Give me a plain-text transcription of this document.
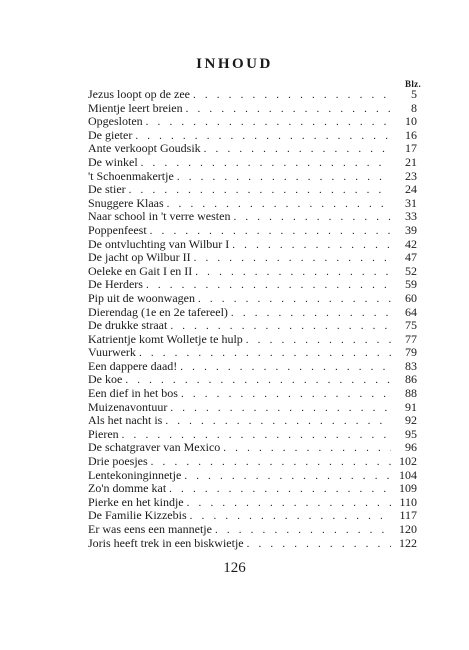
INHOUD
Blz.
Jezus loopt op de zee . . .	5
Mientje leert breien . . .	8
Opgesloten . . .	10
De gieter . . .	16
Ante verkoopt Goudsik . . .	17
De winkel . . .	21
't Schoenmakertje . . .	23
De stier . . .	24
Snuggere Klaas . . .	31
Naar school in 't verre westen . . .	33
Poppenfeest . . .	39
De ontvluchting van Wilbur I . . .	42
De jacht op Wilbur II . . .	47
Oeleke en Gait I en II . . .	52
De Herders . . .	59
Pip uit de woonwagen . . .	60
Dierendag (1e en 2e tafereel) . . .	64
De drukke straat . . .	75
Katrientje komt Wolletje te hulp . . .	77
Vuurwerk . . .	79
Een dappere daad! . . .	83
De koe . . .	86
Een dief in het bos . . .	88
Muizenavontuur . . .	91
Als het nacht is . . .	92
Pieren . . .	95
De schatgraver van Mexico . . .	96
Drie poesjes . . .	102
Lentekoninginnetje . . .	104
Zo'n domme kat . . .	109
Pierke en het kindje . . .	110
De Familie Kizzebis . . .	117
Er was eens een mannetje . . .	120
Joris heeft trek in een biskwietje . . .	122
126
